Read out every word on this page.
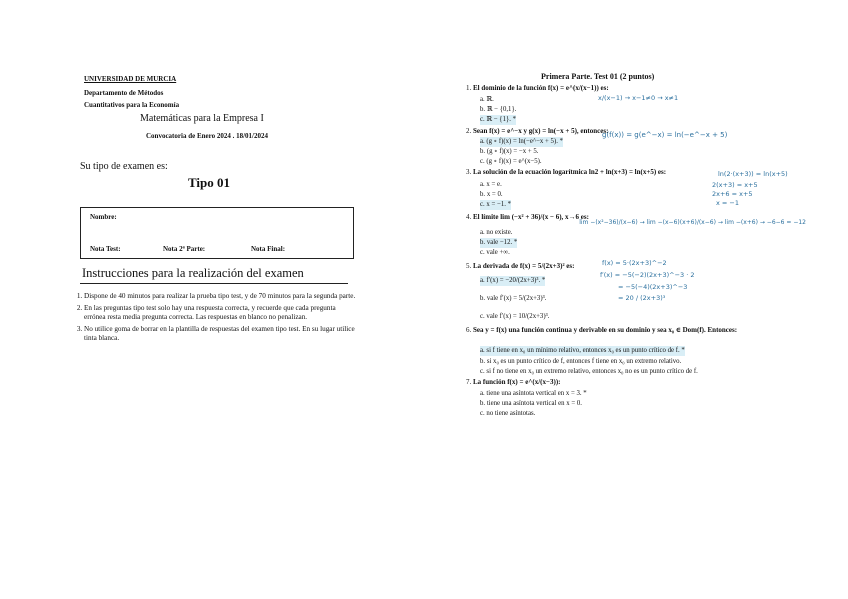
UNIVERSIDAD DE MURCIA
Departamento de Métodos
Cuantitativos para la Economía
Matemáticas para la Empresa I
Convocatoria de Enero 2024 . 18/01/2024
Su tipo de examen es:
Tipo 01
Nombre:
Nota Test:	Nota 2ª Parte:	Nota Final:
Instrucciones para la realización del examen
1. Dispone de 40 minutos para realizar la prueba tipo test, y de 70 minutos para la segunda parte.
2. En las preguntas tipo test solo hay una respuesta correcta, y recuerde que cada pregunta errónea resta media pregunta correcta. Las respuestas en blanco no penalizan.
3. No utilice goma de borrar en la plantilla de respuestas del examen tipo test. En su lugar utilice tinta blanca.
Primera Parte. Test 01 (2 puntos)
1. El dominio de la función f(x) = e^(x/(x−1)) es:
a. ℝ.
b. ℝ − {0,1}.
c. ℝ − {1}. *
x/(x−1) → x−1≠0 → x≠1
2. Sean f(x) = e^−x y g(x) = ln(−x + 5), entonces:
a. (g ∘ f)(x) = ln(−e^−x + 5). *
b. (g ∘ f)(x) = −x + 5.
c. (g ∘ f)(x) = e^(x−5).
g(f(x)) = g(e^−x) = ln(−e^−x + 5)
3. La solución de la ecuación logarítmica ln2 + ln(x+3) = ln(x+5) es:
a. x = e.
b. x = 0.
c. x = −1. *
ln(2·(x+3)) = ln(x+5)
2(x+3) = x+5
2x+6 = x+5
x = −1
4. El límite lim (−x² + 36)/(x − 6), x→6 es:
a. no existe.
b. vale −12. *
c. vale +∞.
lim −(x²−36)/(x−6) → lim −(x−6)(x+6)/(x−6) → lim −(x+6) → −6−6 = −12
5. La derivada de f(x) = 5/(2x+3)² es:
a. f′(x) = −20/(2x+3)³. *
b. vale f′(x) = 5/(2x+3)³.
c. vale f′(x) = 10/(2x+3)³.
f(x) = 5·(2x+3)^−2
f′(x) = −5(−2)(2x+3)^−3 · 2
= −5(−4)(2x+3)^−3
= 20 / (2x+3)³
6. Sea y = f(x) una función continua y derivable en su dominio y sea x₀ ∈ Dom(f). Entonces:
a. si f tiene en x₀ un mínimo relativo, entonces x₀ es un punto crítico de f. *
b. si x₀ es un punto crítico de f, entonces f tiene en x₀ un extremo relativo.
c. si f no tiene en x₀ un extremo relativo, entonces x₀ no es un punto crítico de f.
7. La función f(x) = e^(x/(x−3)):
a. tiene una asíntota vertical en x = 3. *
b. tiene una asíntota vertical en x = 0.
c. no tiene asíntotas.
